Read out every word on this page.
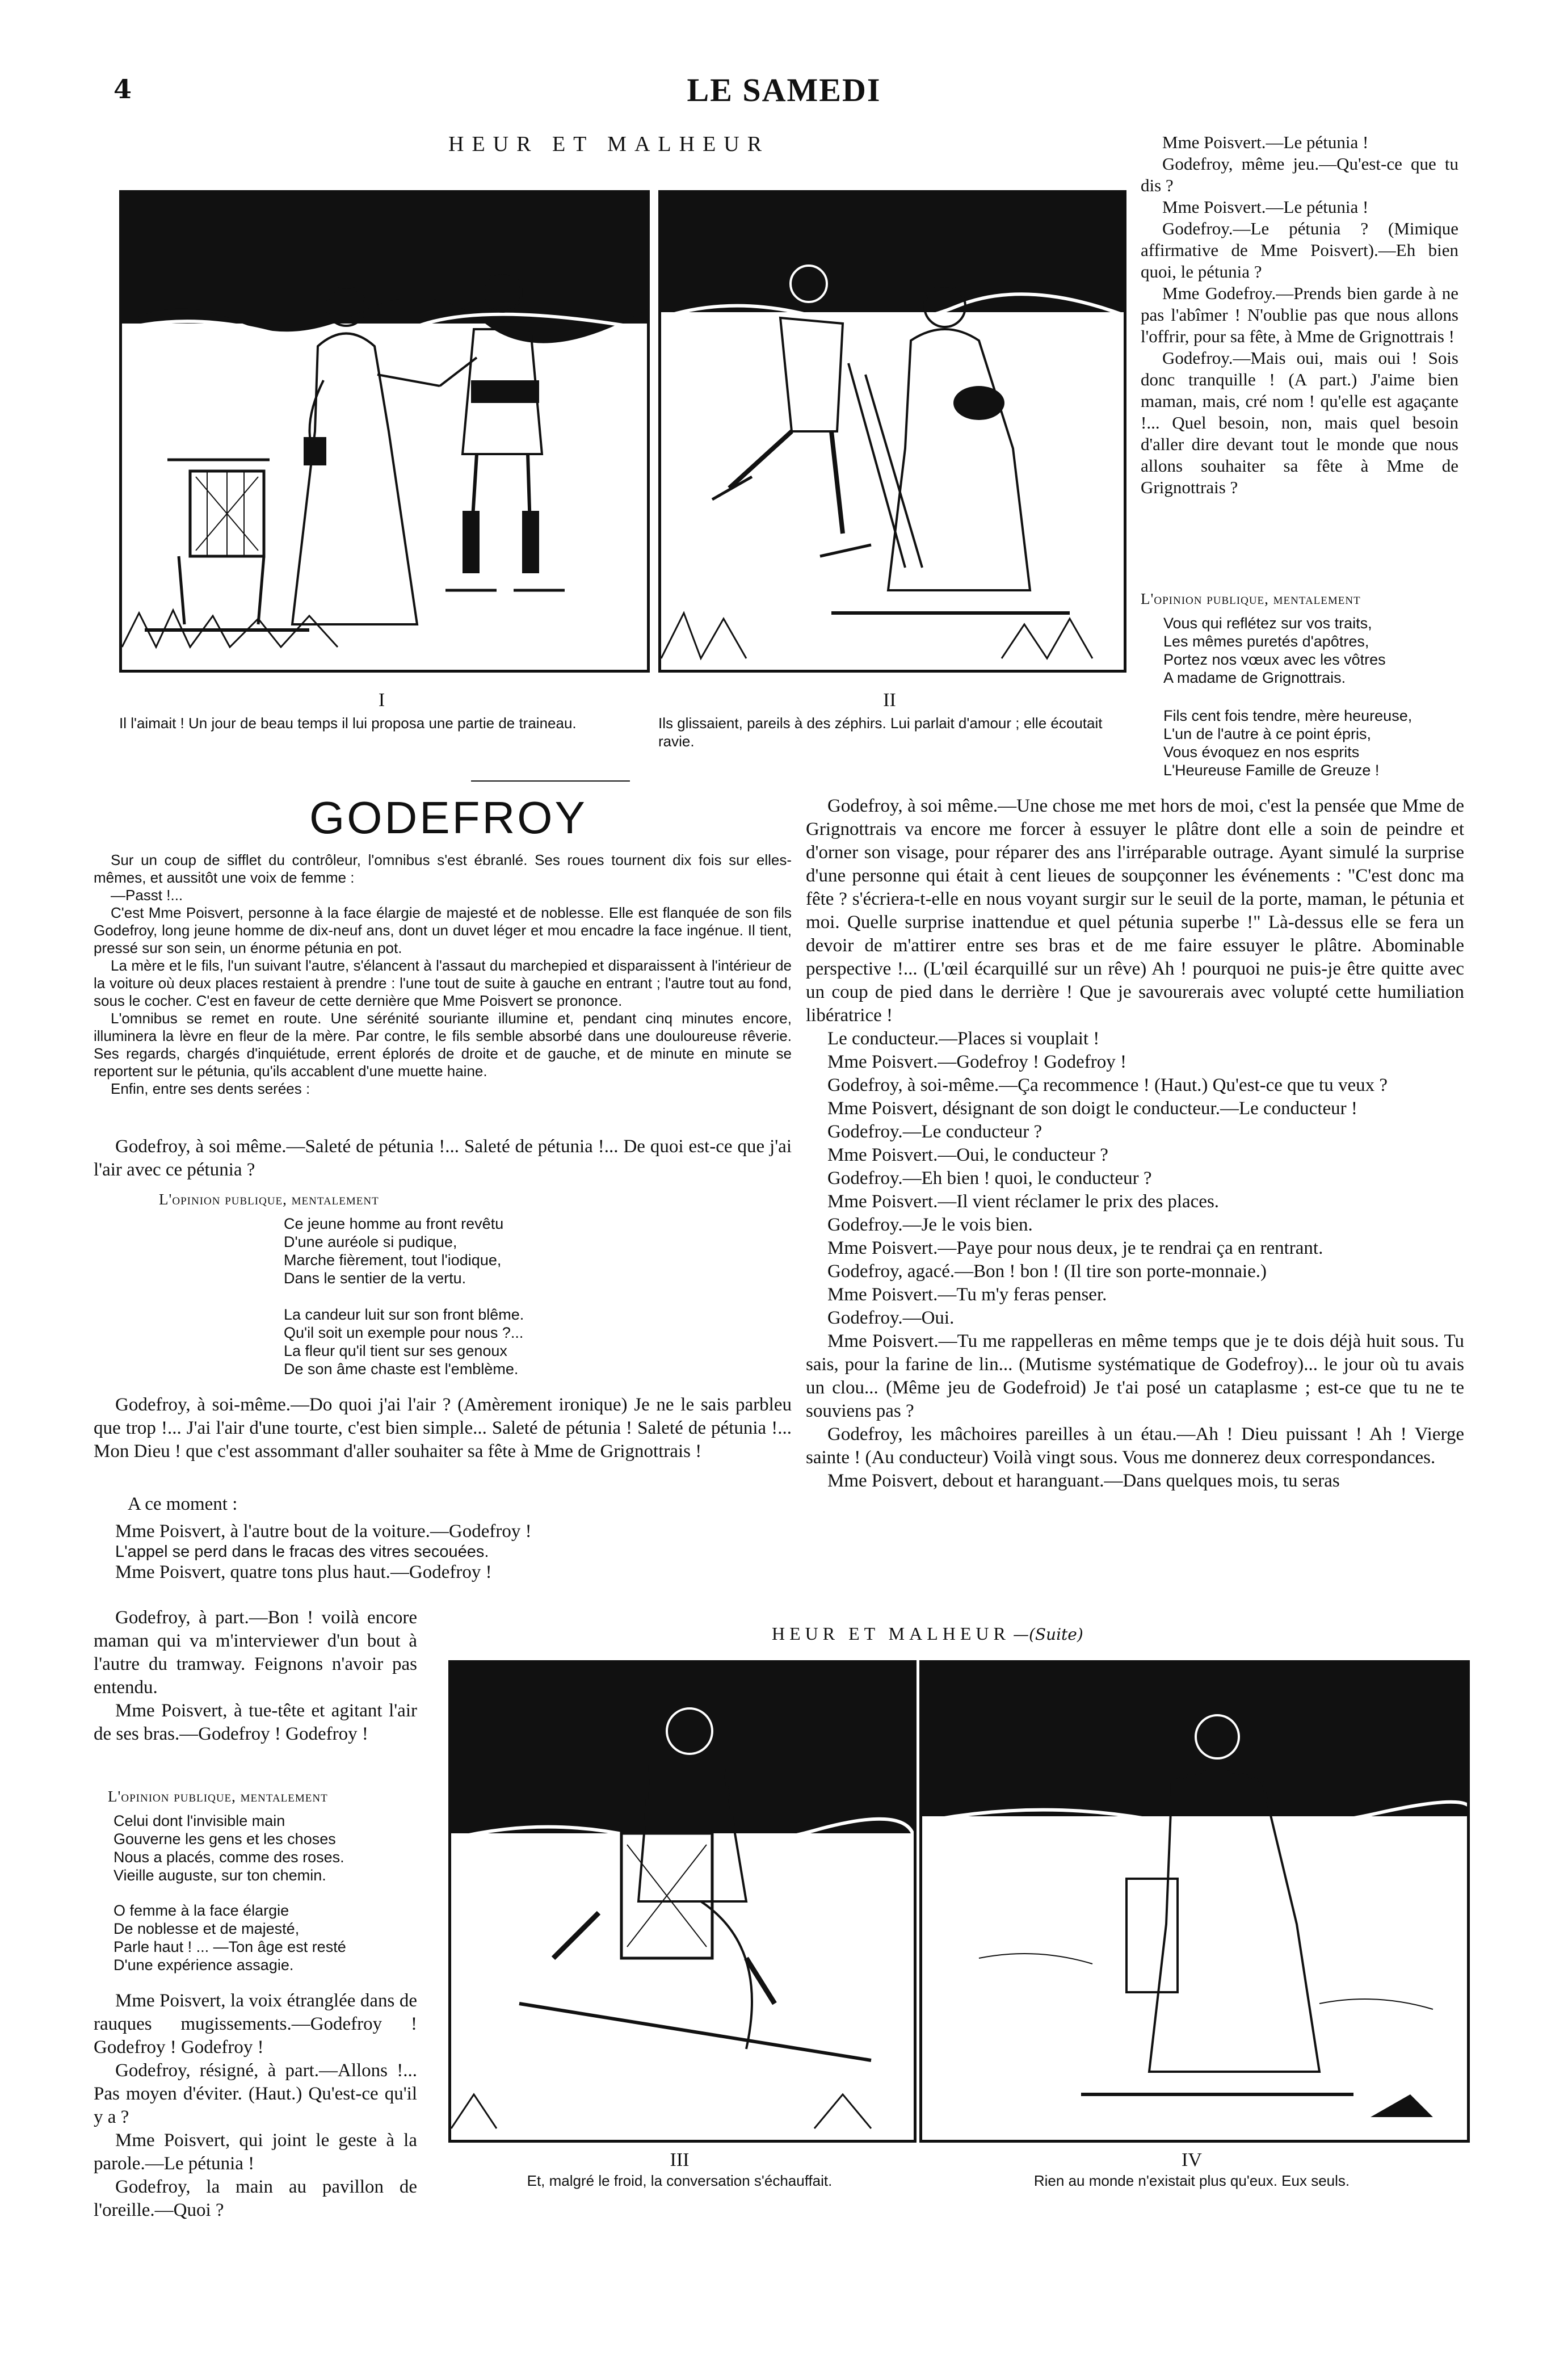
4	LE SAMEDI
HEUR ET MALHEUR
I
Il l'aimait ! Un jour de beau temps il lui proposa une partie de traineau.
II
Ils glissaient, pareils à des zéphirs. Lui parlait d'amour ; elle écoutait ravie.

Mme Poisvert.—Le pétunia !

Godefroy, même jeu.—Qu'est-ce que tu dis ?

Mme Poisvert.—Le pétunia !

Godefroy.—Le pétunia ? (Mimique affirmative de Mme Poisvert).—Eh bien quoi, le pétunia ?

Mme Godefroy.—Prends bien garde à ne pas l'abîmer ! N'oublie pas que nous allons l'offrir, pour sa fête, à Mme de Grignottrais !

Godefroy.—Mais oui, mais oui ! Sois donc tranquille ! (A part.) J'aime bien maman, mais, cré nom ! qu'elle est agaçante !... Quel besoin, non, mais quel besoin d'aller dire devant tout le monde que nous allons souhaiter sa fête à Mme de Grignottrais ?

L'opinion publique, mentalement
Vous qui reflétez sur vos traits,
Les mêmes puretés d'apôtres,
Portez nos vœux avec les vôtres
A madame de Grignottrais.
Fils cent fois tendre, mère heureuse,
L'un de l'autre à ce point épris,
Vous évoquez en nos esprits
L'Heureuse Famille de Greuze !
GODEFROY

Sur un coup de sifflet du contrôleur, l'omnibus s'est ébranlé. Ses roues tournent dix fois sur elles-mêmes, et aussitôt une voix de femme :

—Passt !...

C'est Mme Poisvert, personne à la face élargie de majesté et de noblesse. Elle est flanquée de son fils Godefroy, long jeune homme de dix-neuf ans, dont un duvet léger et mou encadre la face ingénue. Il tient, pressé sur son sein, un énorme pétunia en pot.

La mère et le fils, l'un suivant l'autre, s'élancent à l'assaut du marchepied et disparaissent à l'intérieur de la voiture où deux places restaient à prendre : l'une tout de suite à gauche en entrant ; l'autre tout au fond, sous le cocher. C'est en faveur de cette dernière que Mme Poisvert se prononce.

L'omnibus se remet en route. Une sérénité souriante illumine et, pendant cinq minutes encore, illuminera la lèvre en fleur de la mère. Par contre, le fils semble absorbé dans une douloureuse rêverie. Ses regards, chargés d'inquiétude, errent éplorés de droite et de gauche, et de minute en minute se reportent sur le pétunia, qu'ils accablent d'une muette haine.

Enfin, entre ses dents serées :

Godefroy, à soi même.—Saleté de pétunia !... Saleté de pétunia !... De quoi est-ce que j'ai l'air avec ce pétunia ?

L'opinion publique, mentalement
Ce jeune homme au front revêtu
D'une auréole si pudique,
Marche fièrement, tout l'iodique,
Dans le sentier de la vertu.
La candeur luit sur son front blême.
Qu'il soit un exemple pour nous ?...
La fleur qu'il tient sur ses genoux
De son âme chaste est l'emblème.

Godefroy, à soi-même.—Do quoi j'ai l'air ? (Amèrement ironique) Je ne le sais parbleu que trop !... J'ai l'air d'une tourte, c'est bien simple... Saleté de pétunia ! Saleté de pétunia !... Mon Dieu ! que c'est assommant d'aller souhaiter sa fête à Mme de Grignottrais !

A ce moment :

Mme Poisvert, à l'autre bout de la voiture.—Godefroy !

L'appel se perd dans le fracas des vitres secouées.

Mme Poisvert, quatre tons plus haut.—Godefroy !

Godefroy, à part.—Bon ! voilà encore maman qui va m'interviewer d'un bout à l'autre du tramway. Feignons n'avoir pas entendu.

Mme Poisvert, à tue-tête et agitant l'air de ses bras.—Godefroy ! Godefroy !

L'opinion publique, mentalement
Celui dont l'invisible main
Gouverne les gens et les choses
Nous a placés, comme des roses.
Vieille auguste, sur ton chemin.
O femme à la face élargie
De noblesse et de majesté,
Parle haut ! ... —Ton âge est resté
D'une expérience assagie.

Mme Poisvert, la voix étranglée dans de rauques mugissements.—Godefroy ! Godefroy ! Godefroy !

Godefroy, résigné, à part.—Allons !... Pas moyen d'éviter. (Haut.) Qu'est-ce qu'il y a ?

Mme Poisvert, qui joint le geste à la parole.—Le pétunia !

Godefroy, la main au pavillon de l'oreille.—Quoi ?

Godefroy, à soi même.—Une chose me met hors de moi, c'est la pensée que Mme de Grignottrais va encore me forcer à essuyer le plâtre dont elle a soin de peindre et d'orner son visage, pour réparer des ans l'irréparable outrage. Ayant simulé la surprise d'une personne qui était à cent lieues de soupçonner les événements : "C'est donc ma fête ? s'écriera-t-elle en nous voyant surgir sur le seuil de la porte, maman, le pétunia et moi. Quelle surprise inattendue et quel pétunia superbe !" Là-dessus elle se fera un devoir de m'attirer entre ses bras et de me faire essuyer le plâtre. Abominable perspective !... (L'œil écarquillé sur un rêve) Ah ! pourquoi ne puis-je être quitte avec un coup de pied dans le derrière ! Que je savourerais avec volupté cette humiliation libératrice !

Le conducteur.—Places si vouplait !

Mme Poisvert.—Godefroy ! Godefroy !

Godefroy, à soi-même.—Ça recommence ! (Haut.) Qu'est-ce que tu veux ?

Mme Poisvert, désignant de son doigt le conducteur.—Le conducteur !

Godefroy.—Le conducteur ?

Mme Poisvert.—Oui, le conducteur ?

Godefroy.—Eh bien ! quoi, le conducteur ?

Mme Poisvert.—Il vient réclamer le prix des places.

Godefroy.—Je le vois bien.

Mme Poisvert.—Paye pour nous deux, je te rendrai ça en rentrant.

Godefroy, agacé.—Bon ! bon ! (Il tire son porte-monnaie.)

Mme Poisvert.—Tu m'y feras penser.

Godefroy.—Oui.

Mme Poisvert.—Tu me rappelleras en même temps que je te dois déjà huit sous. Tu sais, pour la farine de lin... (Mutisme systématique de Godefroy)... le jour où tu avais un clou... (Même jeu de Godefroid) Je t'ai posé un cataplasme ; est-ce que tu ne te souviens pas ?

Godefroy, les mâchoires pareilles à un étau.—Ah ! Dieu puissant ! Ah ! Vierge sainte ! (Au conducteur) Voilà vingt sous. Vous me donnerez deux correspondances.

Mme Poisvert, debout et haranguant.—Dans quelques mois, tu seras

HEUR ET MALHEUR —(Suite)
III
Et, malgré le froid, la conversation s'échauffait.
IV
Rien au monde n'existait plus qu'eux. Eux seuls.
